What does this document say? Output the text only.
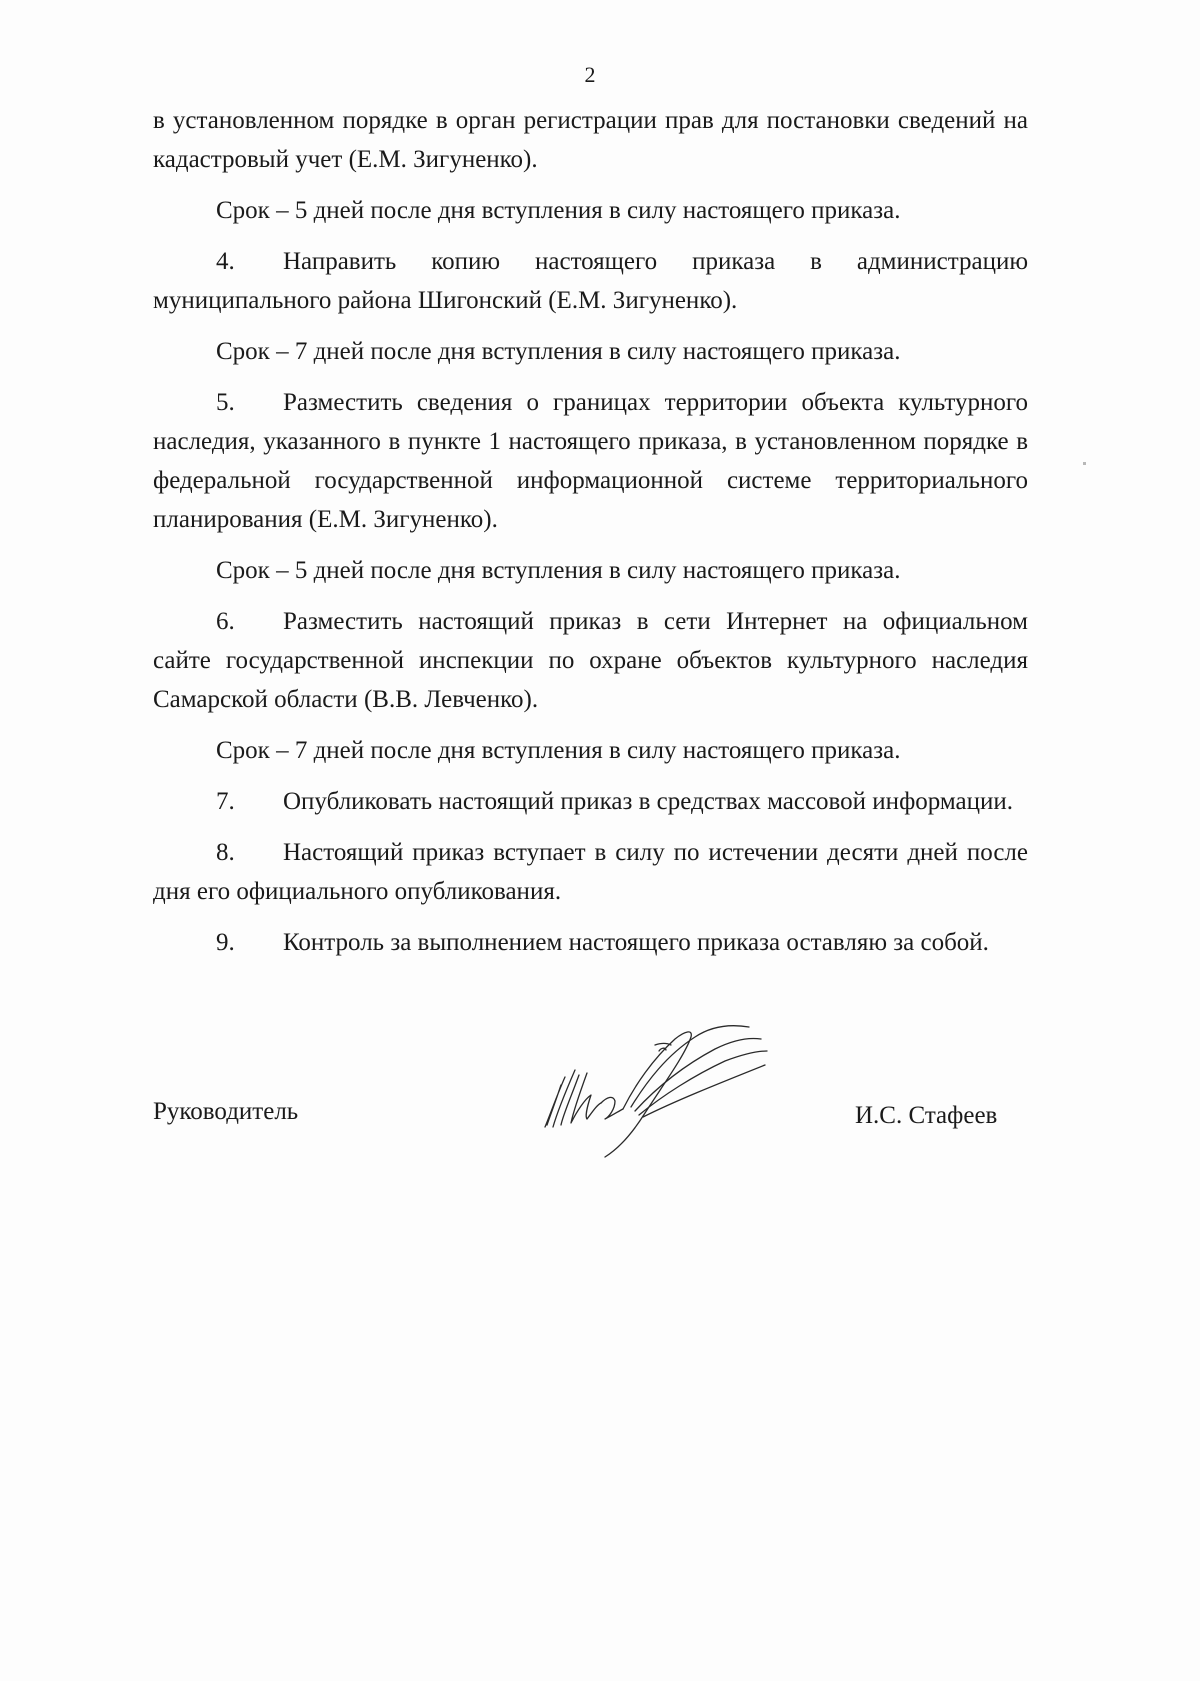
2

в установленном порядке в орган регистрации прав для постановки сведений на кадастровый учет (Е.М. Зигуненко).

Срок – 5 дней после дня вступления в силу настоящего приказа.

4. Направить копию настоящего приказа в администрацию муниципального района Шигонский (Е.М. Зигуненко).

Срок – 7 дней после дня вступления в силу настоящего приказа.

5. Разместить сведения о границах территории объекта культурного наследия, указанного в пункте 1 настоящего приказа, в установленном порядке в федеральной государственной информационной системе территориального планирования (Е.М. Зигуненко).

Срок – 5 дней после дня вступления в силу настоящего приказа.

6. Разместить настоящий приказ в сети Интернет на официальном сайте государственной инспекции по охране объектов культурного наследия Самарской области (В.В. Левченко).

Срок – 7 дней после дня вступления в силу настоящего приказа.

7. Опубликовать настоящий приказ в средствах массовой информации.

8. Настоящий приказ вступает в силу по истечении десяти дней после дня его официального опубликования.

9. Контроль за выполнением настоящего приказа оставляю за собой.

Руководитель	И.С. Стафеев
